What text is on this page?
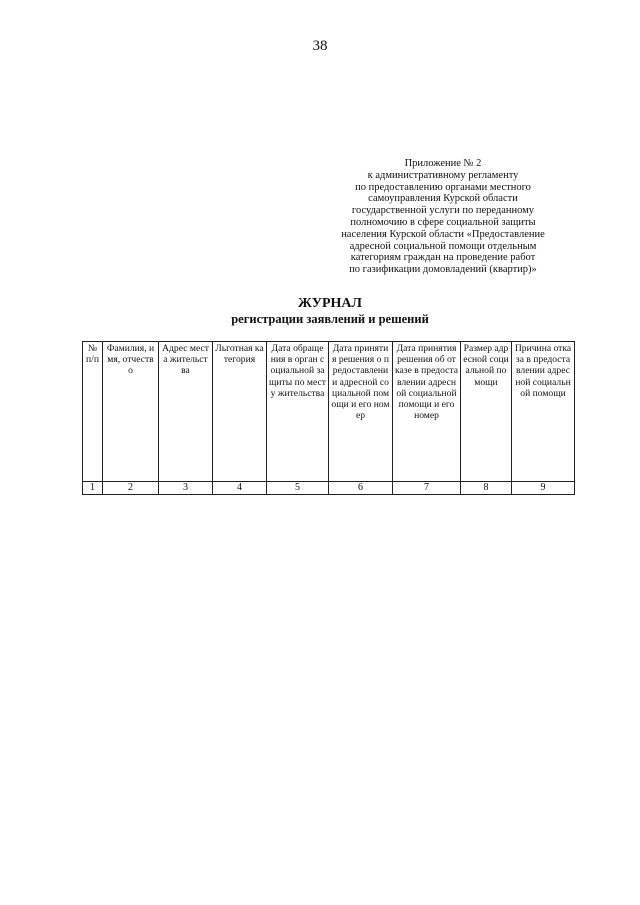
38
Приложение № 2
к административному регламенту
по предоставлению органами местного
самоуправления Курской области
государственной услуги по переданному
полномочию в сфере социальной защиты
населения Курской области «Предоставление
адресной социальной помощи отдельным
категориям граждан на проведение работ
по газификации домовладений (квартир)»
ЖУРНАЛ
регистрации заявлений и решений
№ п/п	Фамилия, имя, отчество	Адрес места жительства	Льготная категория	Дата обращения в орган социальной защиты по месту жительства	Дата принятия решения о предоставлении адресной социальной помощи и его номер	Дата принятия решения об отказе в предоставлении адресной социальной помощи и его номер	Размер адресной социальной помощи	Причина отказа в предоставлении адресной социальной помощи
1	2	3	4	5	6	7	8	9
